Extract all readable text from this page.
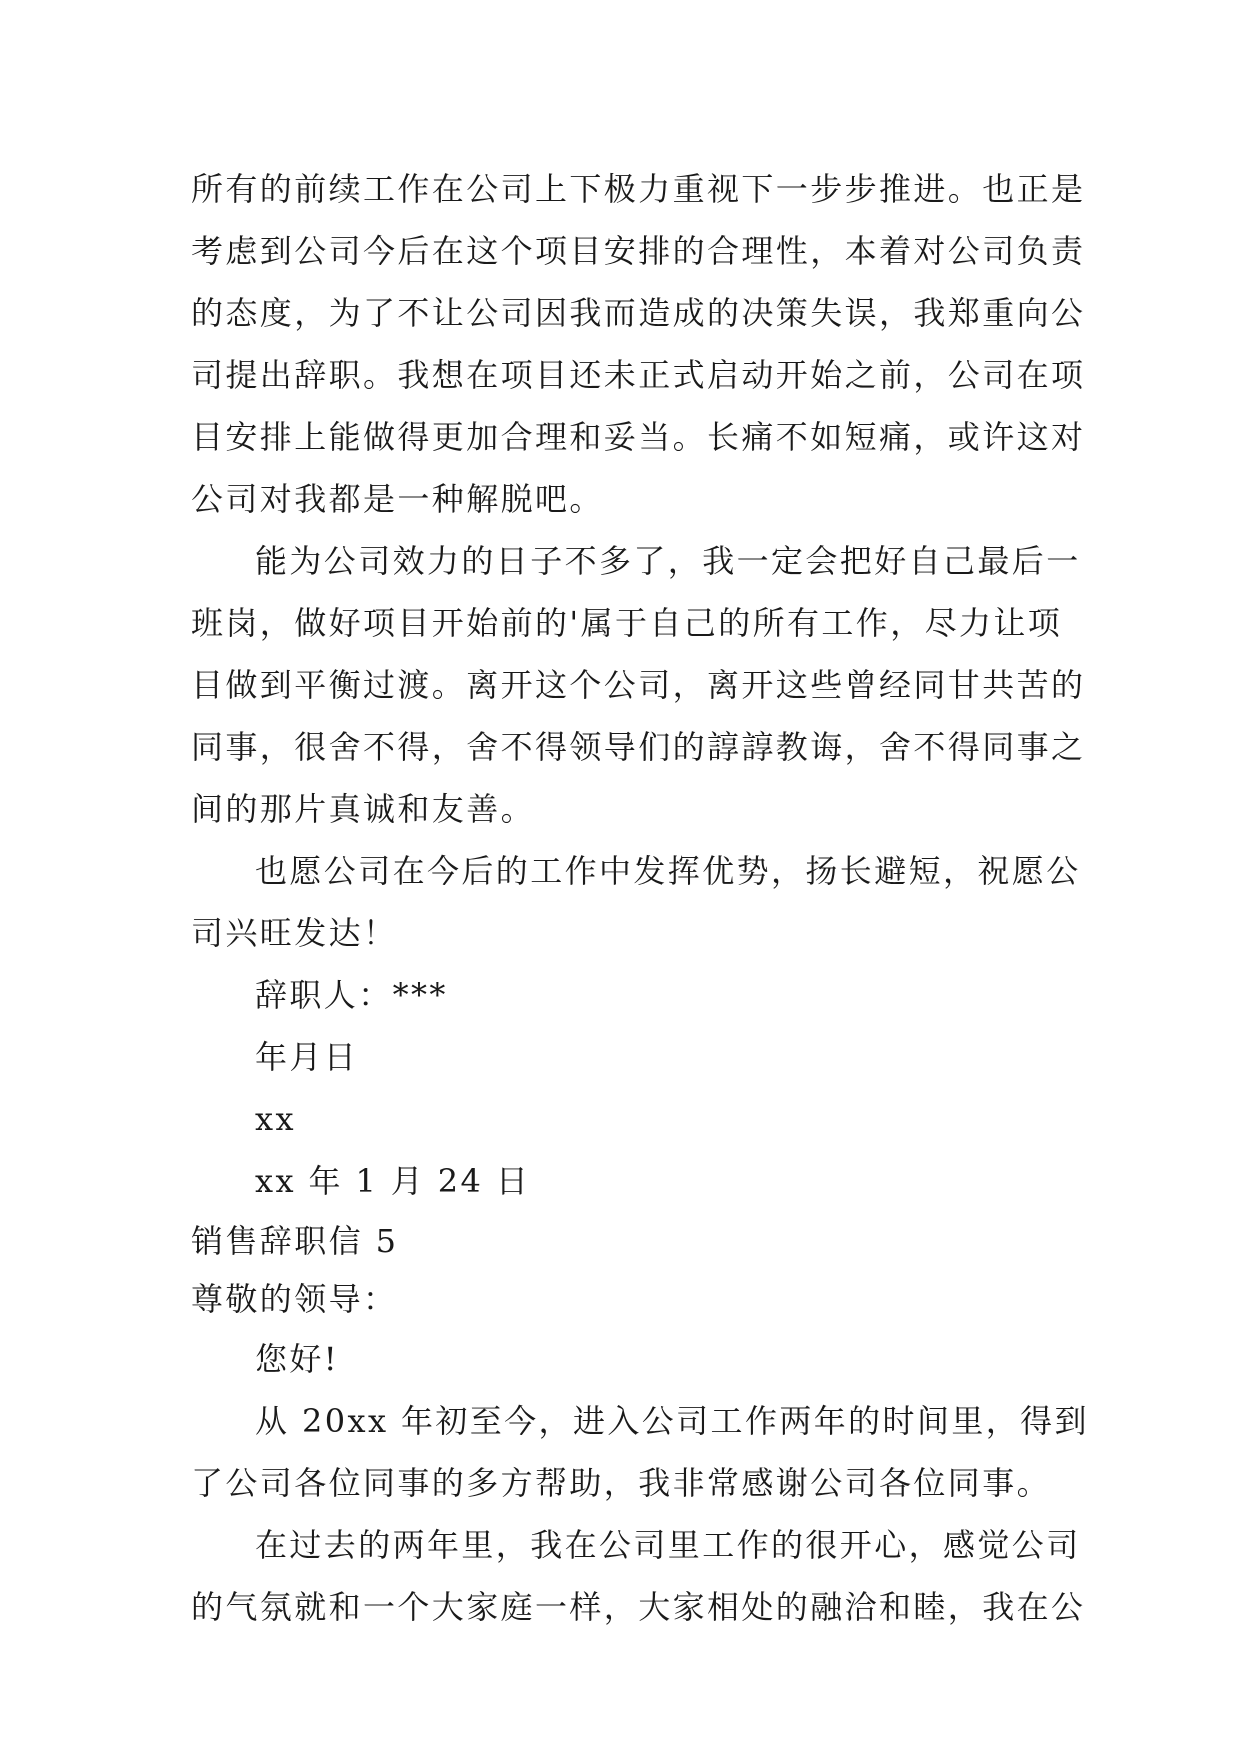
所有的前续工作在公司上下极力重视下一步步推进。也正是
考虑到公司今后在这个项目安排的合理性，本着对公司负责
的态度，为了不让公司因我而造成的决策失误，我郑重向公
司提出辞职。我想在项目还未正式启动开始之前，公司在项
目安排上能做得更加合理和妥当。长痛不如短痛，或许这对
公司对我都是一种解脱吧。
能为公司效力的日子不多了，我一定会把好自己最后一
班岗，做好项目开始前的'属于自己的所有工作，尽力让项
目做到平衡过渡。离开这个公司，离开这些曾经同甘共苦的
同事，很舍不得，舍不得领导们的諄諄教诲，舍不得同事之
间的那片真诚和友善。
也愿公司在今后的工作中发挥优势，扬长避短，祝愿公
司兴旺发达！
辞职人：***
年月日
xx
xx 年 1 月 24 日
销售辞职信 5
尊敬的领导：
您好!
从 20xx 年初至今，进入公司工作两年的时间里，得到
了公司各位同事的多方帮助，我非常感谢公司各位同事。
在过去的两年里，我在公司里工作的很开心，感觉公司
的气氛就和一个大家庭一样，大家相处的融洽和睦，我在公
